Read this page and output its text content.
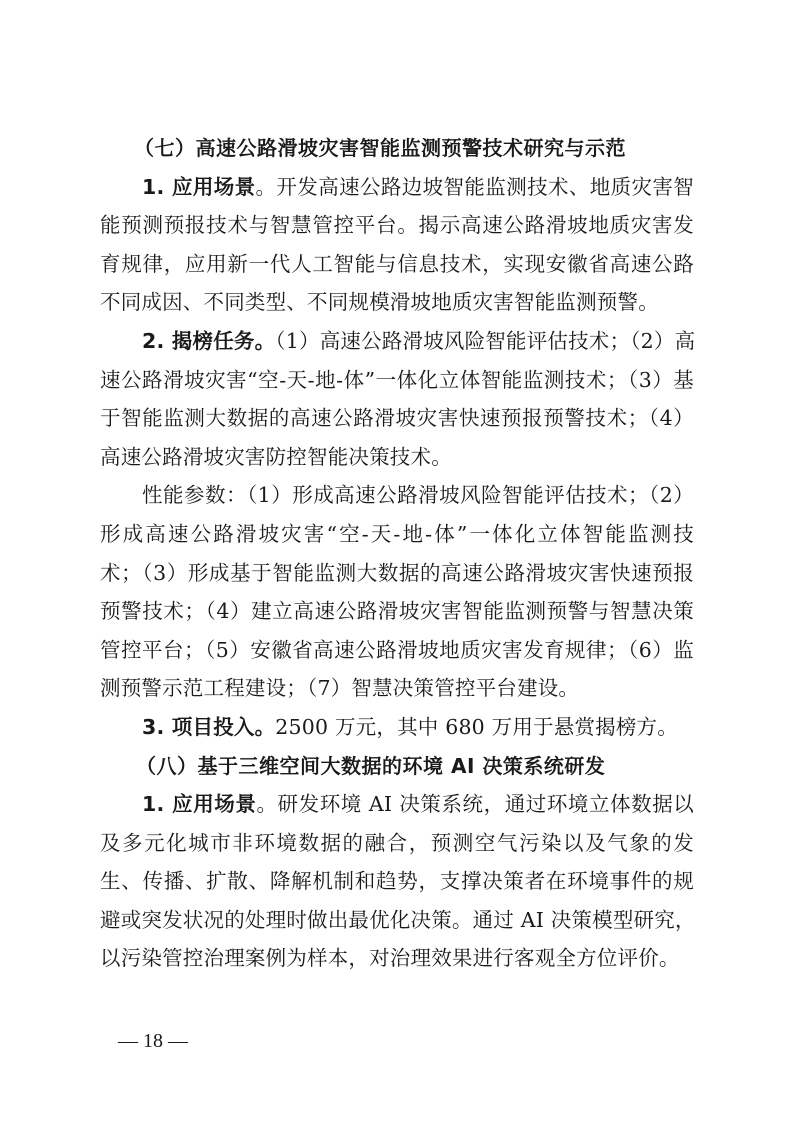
（七）高速公路滑坡灾害智能监测预警技术研究与示范
1. 应用场景。开发高速公路边坡智能监测技术、地质灾害智
能预测预报技术与智慧管控平台。揭示高速公路滑坡地质灾害发
育规律，应用新一代人工智能与信息技术，实现安徽省高速公路
不同成因、不同类型、不同规模滑坡地质灾害智能监测预警。
2. 揭榜任务。（1）高速公路滑坡风险智能评估技术；（2）高
速公路滑坡灾害“空-天-地-体”一体化立体智能监测技术；（3）基
于智能监测大数据的高速公路滑坡灾害快速预报预警技术；（4）
高速公路滑坡灾害防控智能决策技术。
性能参数：（1）形成高速公路滑坡风险智能评估技术；（2）
形成高速公路滑坡灾害“空-天-地-体”一体化立体智能监测技
术；（3）形成基于智能监测大数据的高速公路滑坡灾害快速预报
预警技术；（4）建立高速公路滑坡灾害智能监测预警与智慧决策
管控平台；（5）安徽省高速公路滑坡地质灾害发育规律；（6）监
测预警示范工程建设；（7）智慧决策管控平台建设。
3. 项目投入。2500 万元，其中 680 万用于悬赏揭榜方。
（八）基于三维空间大数据的环境 AI 决策系统研发
1. 应用场景。研发环境 AI 决策系统，通过环境立体数据以
及多元化城市非环境数据的融合，预测空气污染以及气象的发
生、传播、扩散、降解机制和趋势，支撑决策者在环境事件的规
避或突发状况的处理时做出最优化决策。通过 AI 决策模型研究，
以污染管控治理案例为样本，对治理效果进行客观全方位评价。
— 18 —
